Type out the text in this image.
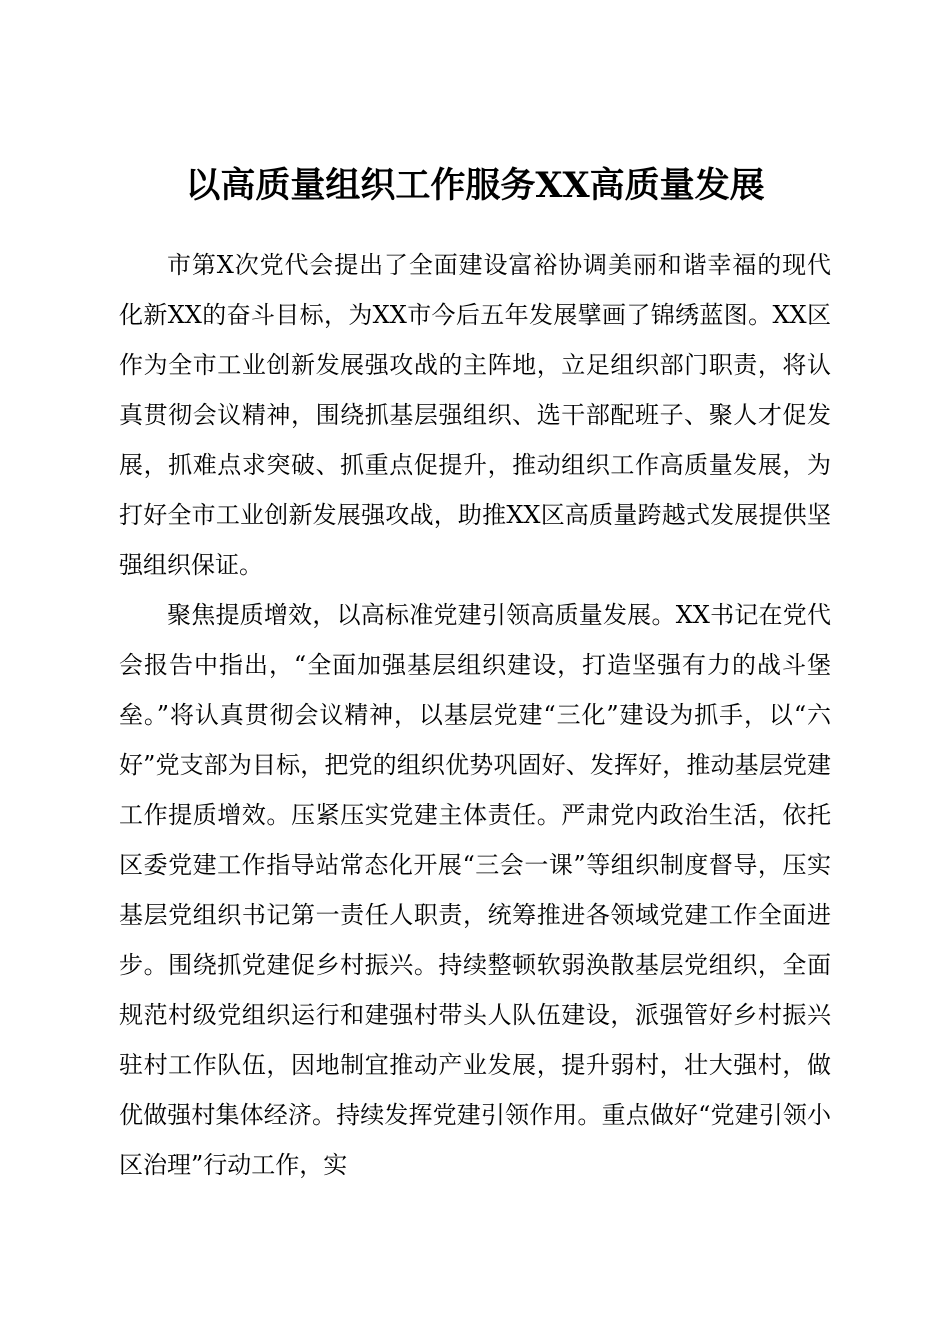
以高质量组织工作服务XX高质量发展

市第X次党代会提出了全面建设富裕协调美丽和谐幸福的现代化新XX的奋斗目标，为XX市今后五年发展擘画了锦绣蓝图。XX区作为全市工业创新发展强攻战的主阵地，立足组织部门职责，将认真贯彻会议精神，围绕抓基层强组织、选干部配班子、聚人才促发展，抓难点求突破、抓重点促提升，推动组织工作高质量发展，为打好全市工业创新发展强攻战，助推XX区高质量跨越式发展提供坚强组织保证。

聚焦提质增效，以高标准党建引领高质量发展。XX书记在党代会报告中指出，“全面加强基层组织建设，打造坚强有力的战斗堡垒。”将认真贯彻会议精神，以基层党建“三化”建设为抓手，以“六好”党支部为目标，把党的组织优势巩固好、发挥好，推动基层党建工作提质增效。压紧压实党建主体责任。严肃党内政治生活，依托区委党建工作指导站常态化开展“三会一课”等组织制度督导，压实基层党组织书记第一责任人职责，统筹推进各领域党建工作全面进步。围绕抓党建促乡村振兴。持续整顿软弱涣散基层党组织，全面规范村级党组织运行和建强村带头人队伍建设，派强管好乡村振兴驻村工作队伍，因地制宜推动产业发展，提升弱村，壮大强村，做优做强村集体经济。持续发挥党建引领作用。重点做好“党建引领小区治理”行动工作，实
